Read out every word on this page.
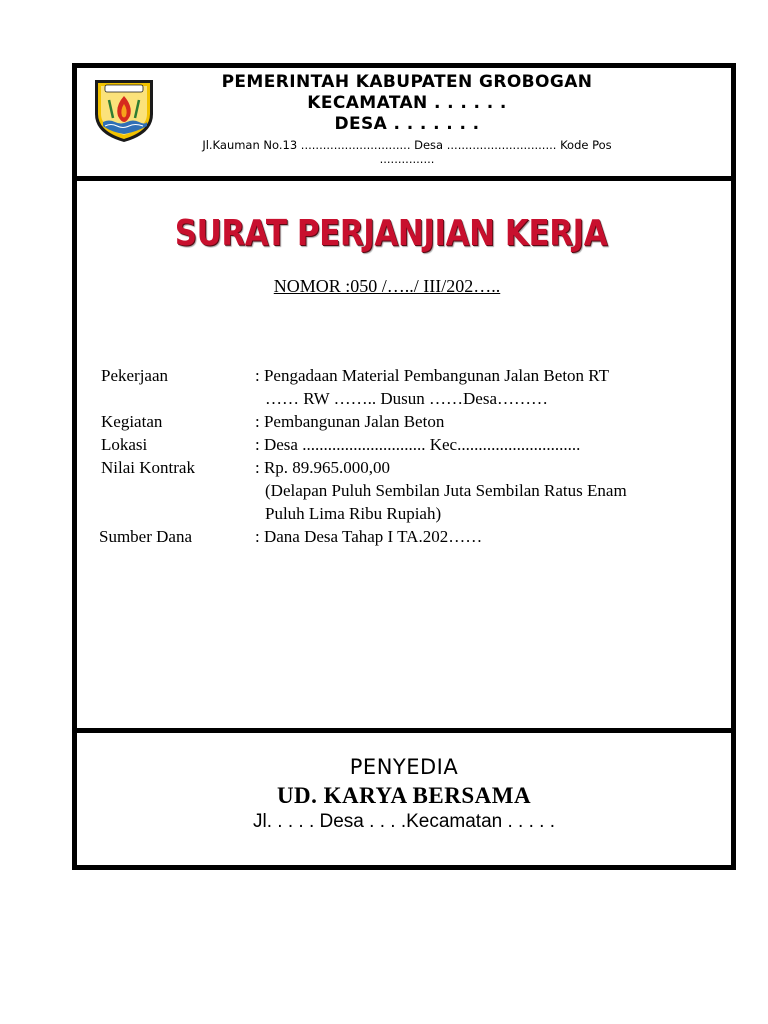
PEMERINTAH KABUPATEN GROBOGAN
KECAMATAN . . . . . .
DESA . . . . . . .
Jl.Kauman No.13 .............................. Desa .............................. Kode Pos ...............
SURAT PERJANJIAN KERJA
NOMOR :050 /…../ III/202…..
Pekerjaan	: Pengadaan Material Pembangunan Jalan Beton RT
…… RW …….. Dusun ……Desa………
Kegiatan	: Pembangunan Jalan Beton
Lokasi	: Desa ............................. Kec.............................
Nilai Kontrak	: Rp. 89.965.000,00
(Delapan Puluh Sembilan Juta Sembilan Ratus Enam
Puluh Lima Ribu Rupiah)
Sumber Dana	: Dana Desa Tahap I TA.202……
PENYEDIA
UD. KARYA BERSAMA
Jl. . . . . Desa . . . .Kecamatan . . . . .
